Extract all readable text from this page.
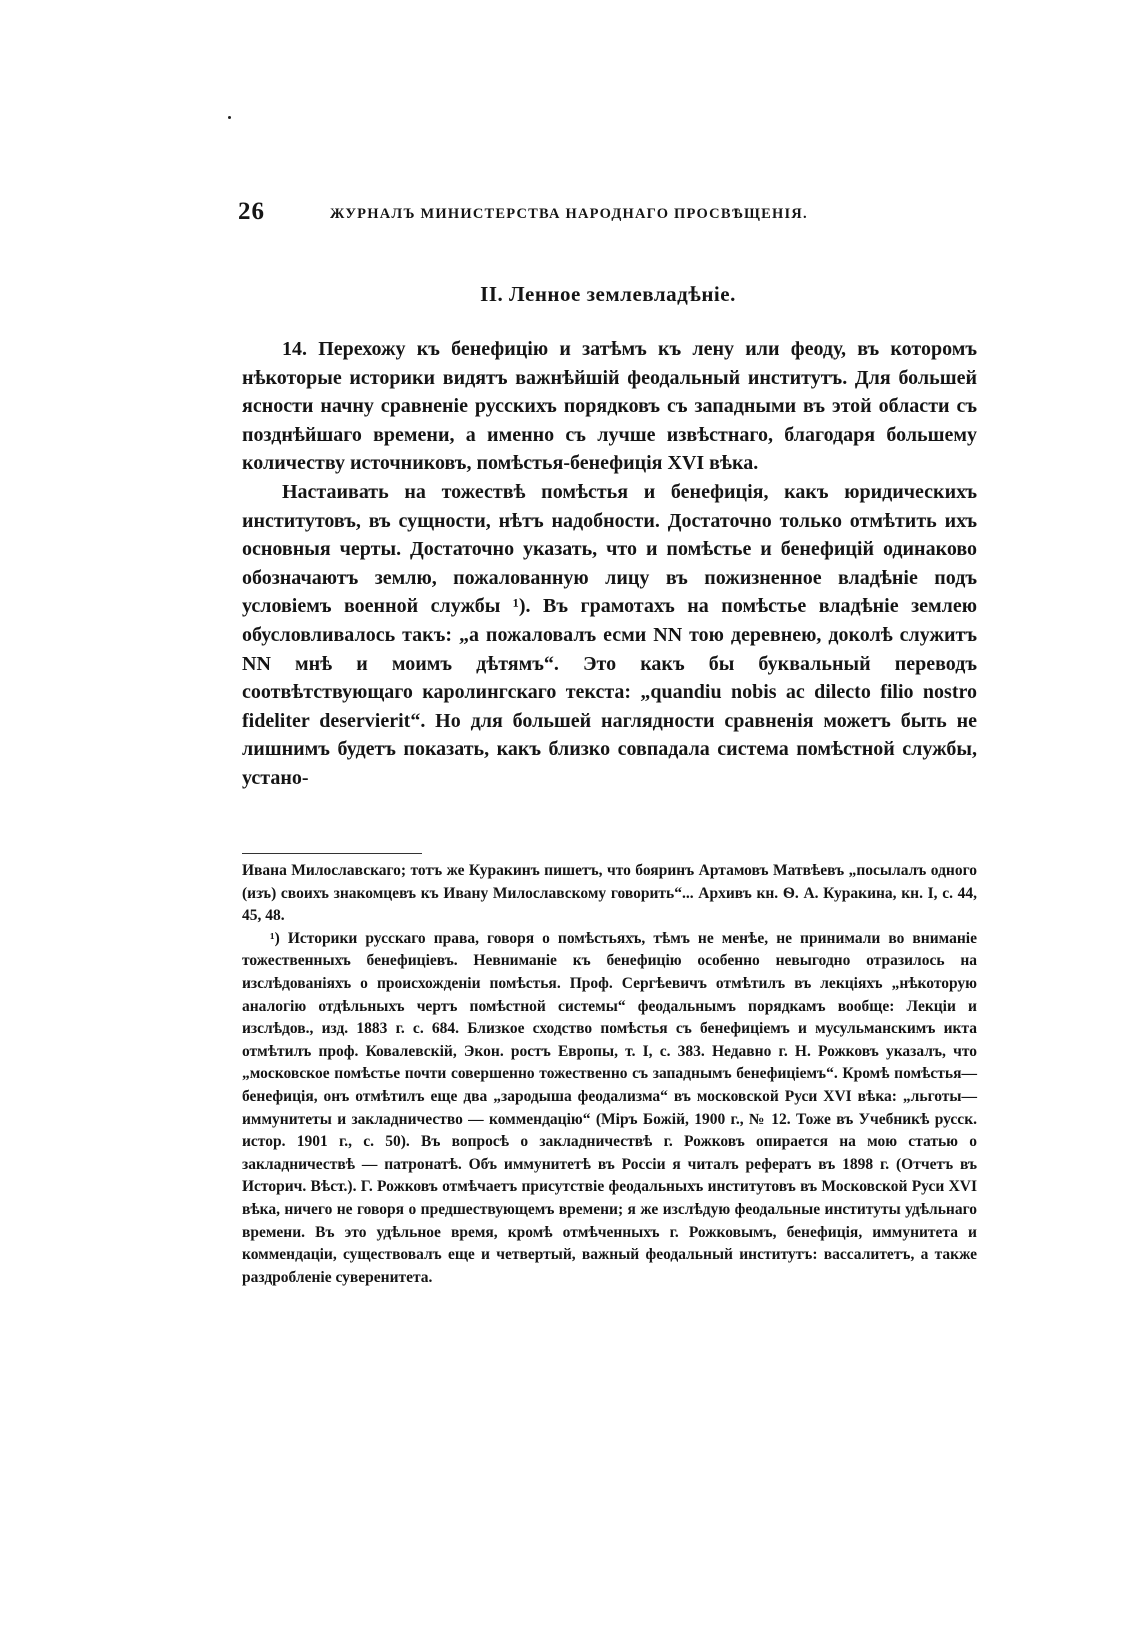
26	ЖУРНАЛЪ МИНИСТЕРСТВА НАРОДНАГО ПРОСВѢЩЕНІЯ.
II. Ленное землевладѣніе.

14. Перехожу къ бенефицію и затѣмъ къ лену или феоду, въ которомъ нѣкоторые историки видятъ важнѣйшій феодальный институтъ. Для большей ясности начну сравненіе русскихъ порядковъ съ западными въ этой области съ позднѣйшаго времени, а именно съ лучше извѣстнаго, благодаря большему количеству источниковъ, помѣстья-бенефиція XVI вѣка.

Настаивать на тожествѣ помѣстья и бенефиція, какъ юридическихъ институтовъ, въ сущности, нѣтъ надобности. Достаточно только отмѣтить ихъ основныя черты. Достаточно указать, что и помѣстье и бенефицій одинаково обозначаютъ землю, пожалованную лицу въ пожизненное владѣніе подъ условіемъ военной службы ¹). Въ грамотахъ на помѣстье владѣніе землею обусловливалось такъ: „а пожаловалъ есми NN тою деревнею, доколѣ служитъ NN мнѣ и моимъ дѣтямъ“. Это какъ бы буквальный переводъ соотвѣтствующаго каролингскаго текста: „quandiu nobis ac dilecto filio nostro fideliter deservierit“. Но для большей наглядности сравненія можетъ быть не лишнимъ будетъ показать, какъ близко совпадала система помѣстной службы, устано-

Ивана Милославскаго; тотъ же Куракинъ пишетъ, что бояринъ Артамовъ Матвѣевъ „посылалъ одного (изъ) своихъ знакомцевъ къ Ивану Милославскому говорить“... Архивъ кн. Ѳ. А. Куракина, кн. I, с. 44, 45, 48.

¹) Историки русскаго права, говоря о помѣстьяхъ, тѣмъ не менѣе, не принимали во вниманіе тожественныхъ бенефиціевъ. Невниманіе къ бенефицію особенно невыгодно отразилось на изслѣдованіяхъ о происхожденіи помѣстья. Проф. Сергѣевичъ отмѣтилъ въ лекціяхъ „нѣкоторую аналогію отдѣльныхъ чертъ помѣстной системы“ феодальнымъ порядкамъ вообще: Лекціи и изслѣдов., изд. 1883 г. с. 684. Близкое сходство помѣстья съ бенефиціемъ и мусульманскимъ икта отмѣтилъ проф. Ковалевскій, Экон. ростъ Европы, т. I, с. 383. Недавно г. Н. Рожковъ указалъ, что „московское помѣстье почти совершенно тожественно съ западнымъ бенефиціемъ“. Кромѣ помѣстья—бенефиція, онъ отмѣтилъ еще два „зародыша феодализма“ въ московской Руси XVI вѣка: „льготы—иммунитеты и закладничество — коммендацію“ (Міръ Божій, 1900 г., № 12. Тоже въ Учебникѣ русск. истор. 1901 г., с. 50). Въ вопросѣ о закладничествѣ г. Рожковъ опирается на мою статью о закладничествѣ — патронатѣ. Объ иммунитетѣ въ Россіи я читалъ рефератъ въ 1898 г. (Отчетъ въ Историч. Вѣст.). Г. Рожковъ отмѣчаетъ присутствіе феодальныхъ институтовъ въ Московской Руси XVI вѣка, ничего не говоря о предшествующемъ времени; я же изслѣдую феодальные институты удѣльнаго времени. Въ это удѣльное время, кромѣ отмѣченныхъ г. Рожковымъ, бенефиція, иммунитета и коммендаціи, существовалъ еще и четвертый, важный феодальный институтъ: вассалитетъ, а также раздробленіе суверенитета.
